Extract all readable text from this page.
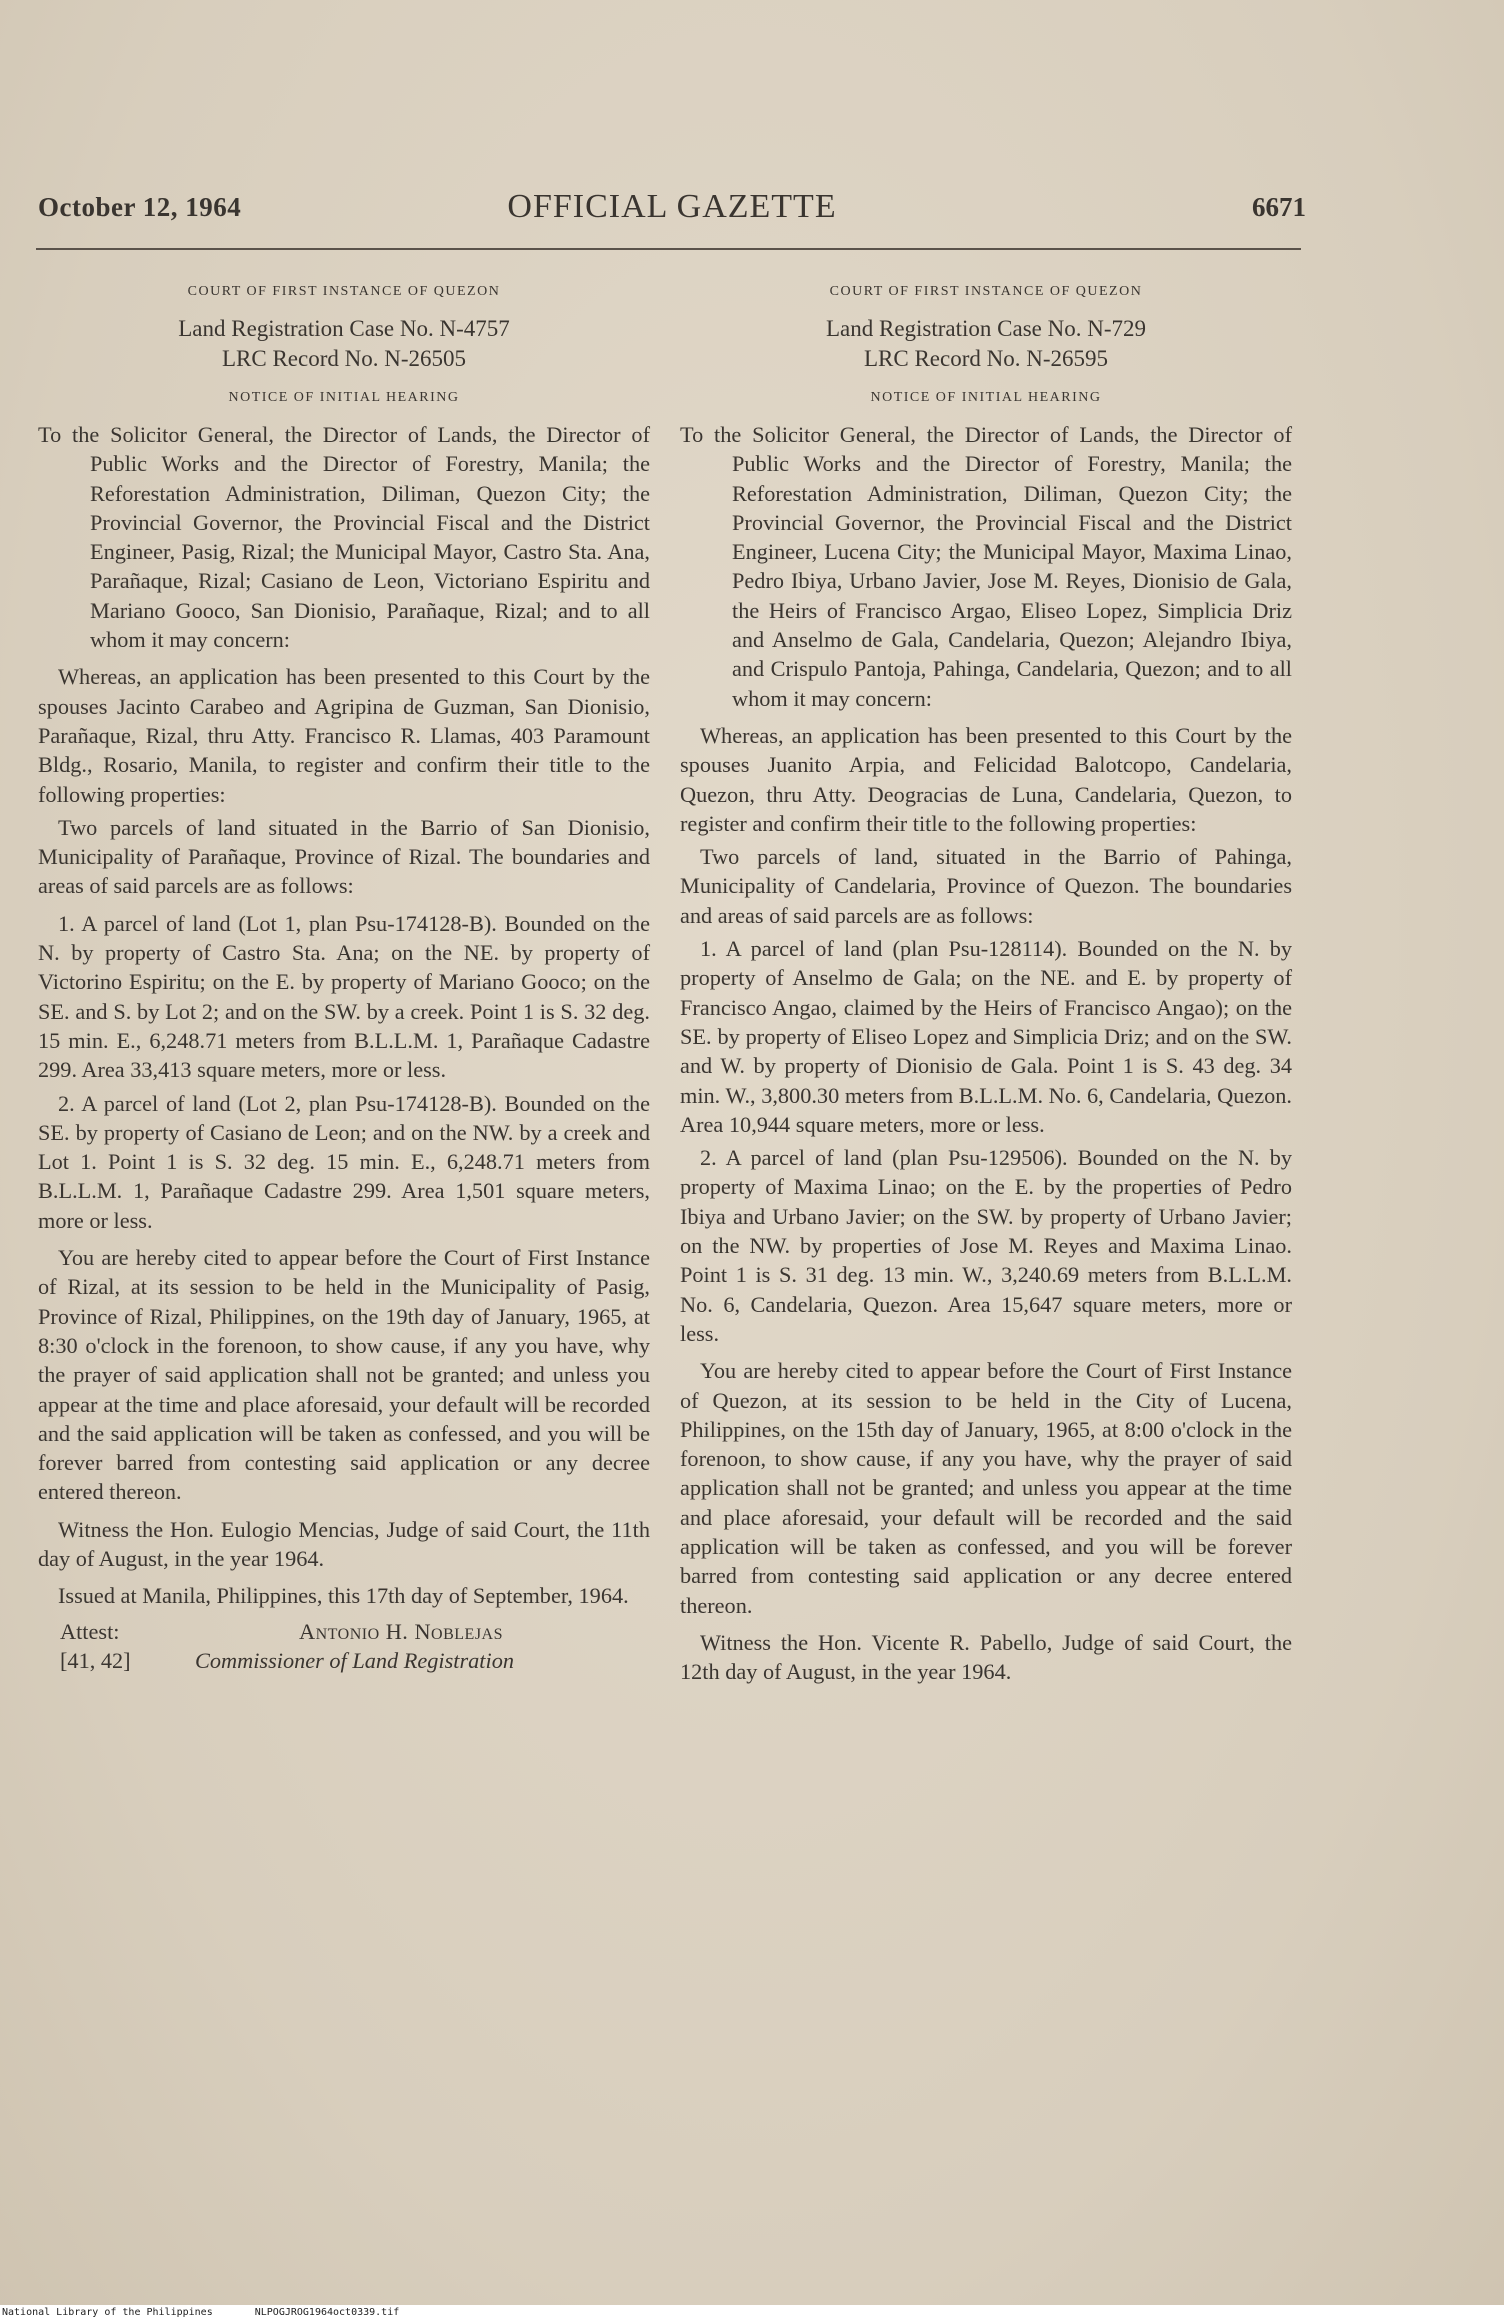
October 12, 1964	OFFICIAL GAZETTE	6671
COURT OF FIRST INSTANCE OF QUEZON
Land Registration Case No. N-4757
LRC Record No. N-26505
NOTICE OF INITIAL HEARING
To the Solicitor General, the Director of Lands, the Director of Public Works and the Director of Forestry, Manila; the Reforestation Administration, Diliman, Quezon City; the Provincial Governor, the Provincial Fiscal and the District Engineer, Pasig, Rizal; the Municipal Mayor, Castro Sta. Ana, Parañaque, Rizal; Casiano de Leon, Victoriano Espiritu and Mariano Gooco, San Dionisio, Parañaque, Rizal; and to all whom it may concern:

Whereas, an application has been presented to this Court by the spouses Jacinto Carabeo and Agripina de Guzman, San Dionisio, Parañaque, Rizal, thru Atty. Francisco R. Llamas, 403 Paramount Bldg., Rosario, Manila, to register and confirm their title to the following properties:

Two parcels of land situated in the Barrio of San Dionisio, Municipality of Parañaque, Province of Rizal. The boundaries and areas of said parcels are as follows:

1. A parcel of land (Lot 1, plan Psu-174128-B). Bounded on the N. by property of Castro Sta. Ana; on the NE. by property of Victorino Espiritu; on the E. by property of Mariano Gooco; on the SE. and S. by Lot 2; and on the SW. by a creek. Point 1 is S. 32 deg. 15 min. E., 6,248.71 meters from B.L.L.M. 1, Parañaque Cadastre 299. Area 33,413 square meters, more or less.

2. A parcel of land (Lot 2, plan Psu-174128-B). Bounded on the SE. by property of Casiano de Leon; and on the NW. by a creek and Lot 1. Point 1 is S. 32 deg. 15 min. E., 6,248.71 meters from B.L.L.M. 1, Parañaque Cadastre 299. Area 1,501 square meters, more or less.

You are hereby cited to appear before the Court of First Instance of Rizal, at its session to be held in the Municipality of Pasig, Province of Rizal, Philippines, on the 19th day of January, 1965, at 8:30 o'clock in the forenoon, to show cause, if any you have, why the prayer of said application shall not be granted; and unless you appear at the time and place aforesaid, your default will be recorded and the said application will be taken as confessed, and you will be forever barred from contesting said application or any decree entered thereon.

Witness the Hon. Eulogio Mencias, Judge of said Court, the 11th day of August, in the year 1964.

Issued at Manila, Philippines, this 17th day of September, 1964.

Attest:
[41, 42]
Antonio H. Noblejas
Commissioner of Land Registration
COURT OF FIRST INSTANCE OF QUEZON
Land Registration Case No. N-729
LRC Record No. N-26595
NOTICE OF INITIAL HEARING
To the Solicitor General, the Director of Lands, the Director of Public Works and the Director of Forestry, Manila; the Reforestation Administration, Diliman, Quezon City; the Provincial Governor, the Provincial Fiscal and the District Engineer, Lucena City; the Municipal Mayor, Maxima Linao, Pedro Ibiya, Urbano Javier, Jose M. Reyes, Dionisio de Gala, the Heirs of Francisco Argao, Eliseo Lopez, Simplicia Driz and Anselmo de Gala, Candelaria, Quezon; Alejandro Ibiya, and Crispulo Pantoja, Pahinga, Candelaria, Quezon; and to all whom it may concern:

Whereas, an application has been presented to this Court by the spouses Juanito Arpia, and Felicidad Balotcopo, Candelaria, Quezon, thru Atty. Deogracias de Luna, Candelaria, Quezon, to register and confirm their title to the following properties:

Two parcels of land, situated in the Barrio of Pahinga, Municipality of Candelaria, Province of Quezon. The boundaries and areas of said parcels are as follows:

1. A parcel of land (plan Psu-128114). Bounded on the N. by property of Anselmo de Gala; on the NE. and E. by property of Francisco Angao, claimed by the Heirs of Francisco Angao); on the SE. by property of Eliseo Lopez and Simplicia Driz; and on the SW. and W. by property of Dionisio de Gala. Point 1 is S. 43 deg. 34 min. W., 3,800.30 meters from B.L.L.M. No. 6, Candelaria, Quezon. Area 10,944 square meters, more or less.

2. A parcel of land (plan Psu-129506). Bounded on the N. by property of Maxima Linao; on the E. by the properties of Pedro Ibiya and Urbano Javier; on the SW. by property of Urbano Javier; on the NW. by properties of Jose M. Reyes and Maxima Linao. Point 1 is S. 31 deg. 13 min. W., 3,240.69 meters from B.L.L.M. No. 6, Candelaria, Quezon. Area 15,647 square meters, more or less.

You are hereby cited to appear before the Court of First Instance of Quezon, at its session to be held in the City of Lucena, Philippines, on the 15th day of January, 1965, at 8:00 o'clock in the forenoon, to show cause, if any you have, why the prayer of said application shall not be granted; and unless you appear at the time and place aforesaid, your default will be recorded and the said application will be taken as confessed, and you will be forever barred from contesting said application or any decree entered thereon.

Witness the Hon. Vicente R. Pabello, Judge of said Court, the 12th day of August, in the year 1964.

National Library of the Philippines	NLPOGJROG1964oct0339.tif
